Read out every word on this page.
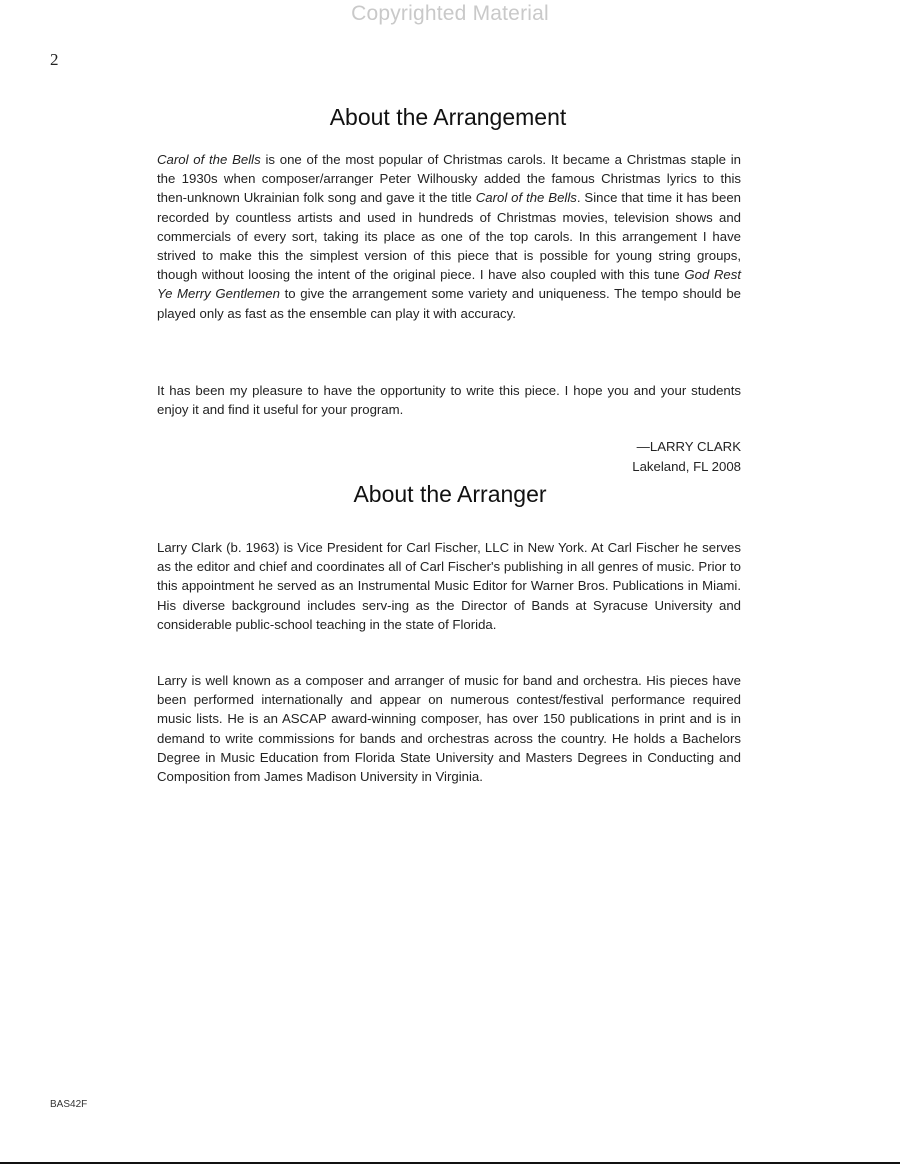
Copyrighted Material
2
About the Arrangement

Carol of the Bells is one of the most popular of Christmas carols. It became a Christmas staple in the 1930s when composer/arranger Peter Wilhousky added the famous Christmas lyrics to this then-unknown Ukrainian folk song and gave it the title Carol of the Bells. Since that time it has been recorded by countless artists and used in hundreds of Christmas movies, television shows and commercials of every sort, taking its place as one of the top carols. In this arrangement I have strived to make this the simplest version of this piece that is possible for young string groups, though without loosing the intent of the original piece. I have also coupled with this tune God Rest Ye Merry Gentlemen to give the arrangement some variety and uniqueness. The tempo should be played only as fast as the ensemble can play it with accuracy.

It has been my pleasure to have the opportunity to write this piece. I hope you and your students enjoy it and find it useful for your program.

—LARRY CLARK
Lakeland, FL 2008
About the Arranger

Larry Clark (b. 1963) is Vice President for Carl Fischer, LLC in New York. At Carl Fischer he serves as the editor and chief and coordinates all of Carl Fischer's publishing in all genres of music. Prior to this appointment he served as an Instrumental Music Editor for Warner Bros. Publications in Miami. His diverse background includes serv-ing as the Director of Bands at Syracuse University and considerable public-school teaching in the state of Florida.

Larry is well known as a composer and arranger of music for band and orchestra. His pieces have been performed internationally and appear on numerous contest/festival performance required music lists. He is an ASCAP award-winning composer, has over 150 publications in print and is in demand to write commissions for bands and orchestras across the country. He holds a Bachelors Degree in Music Education from Florida State University and Masters Degrees in Conducting and Composition from James Madison University in Virginia.

BAS42F
